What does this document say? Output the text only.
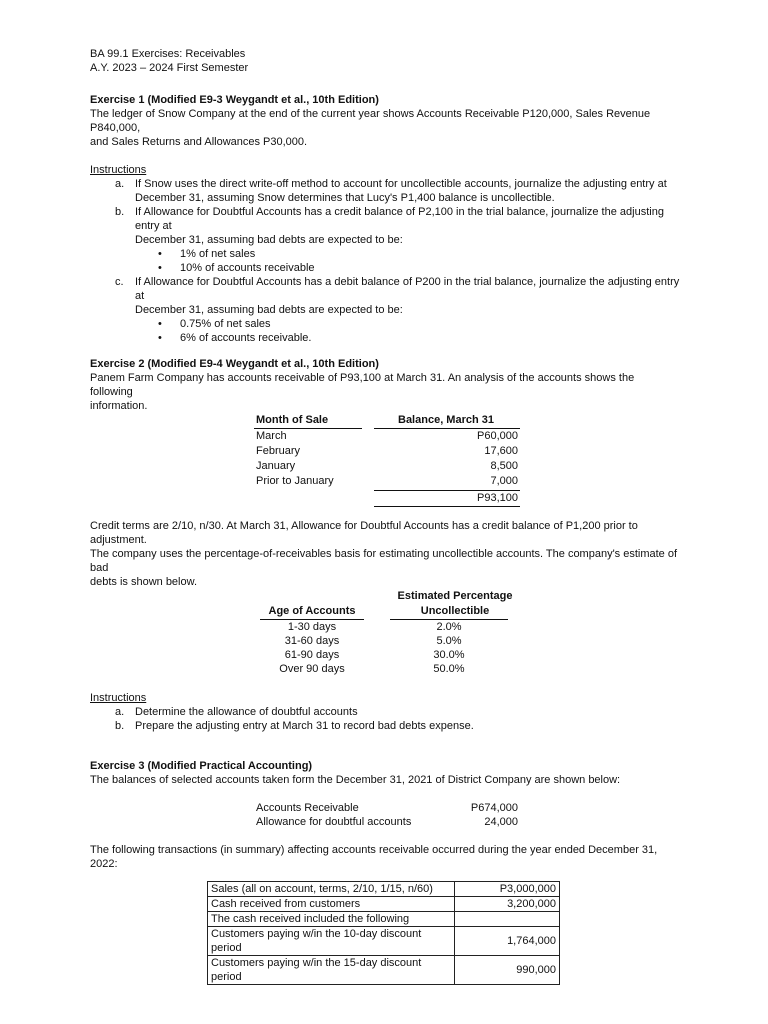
BA 99.1 Exercises: Receivables

A.Y. 2023 – 2024 First Semester

Exercise 1 (Modified E9-3 Weygandt et al., 10th Edition)

The ledger of Snow Company at the end of the current year shows Accounts Receivable P120,000, Sales Revenue P840,000,

and Sales Returns and Allowances P30,000.

Instructions

a. If Snow uses the direct write-off method to account for uncollectible accounts, journalize the adjusting entry at

December 31, assuming Snow determines that Lucy's P1,400 balance is uncollectible.

b. If Allowance for Doubtful Accounts has a credit balance of P2,100 in the trial balance, journalize the adjusting entry at

December 31, assuming bad debts are expected to be:

• 1% of net sales
• 10% of accounts receivable
c. If Allowance for Doubtful Accounts has a debit balance of P200 in the trial balance, journalize the adjusting entry at

December 31, assuming bad debts are expected to be:

• 0.75% of net sales
• 6% of accounts receivable.

Exercise 2 (Modified E9-4 Weygandt et al., 10th Edition)

Panem Farm Company has accounts receivable of P93,100 at March 31. An analysis of the accounts shows the following

information.

Month of Sale	Balance, March 31
March	P60,000
February	17,600
January	8,500
Prior to January	7,000
P93,100

Credit terms are 2/10, n/30. At March 31, Allowance for Doubtful Accounts has a credit balance of P1,200 prior to adjustment.

The company uses the percentage-of-receivables basis for estimating uncollectible accounts. The company's estimate of bad

debts is shown below.

Estimated Percentage
Age of Accounts	Uncollectible
1-30 days	2.0%
31-60 days	5.0%
61-90 days	30.0%
Over 90 days	50.0%

Instructions

a. Determine the allowance of doubtful accounts

b. Prepare the adjusting entry at March 31 to record bad debts expense.

Exercise 3 (Modified Practical Accounting)

The balances of selected accounts taken form the December 31, 2021 of District Company are shown below:

Accounts Receivable	P674,000
Allowance for doubtful accounts	24,000

The following transactions (in summary) affecting accounts receivable occurred during the year ended December 31, 2022:

Sales (all on account, terms, 2/10, 1/15, n/60)	P3,000,000
Cash received from customers	3,200,000
The cash received included the following	
Customers paying w/in the 10-day discount period	1,764,000
Customers paying w/in the 15-day discount period	990,000
